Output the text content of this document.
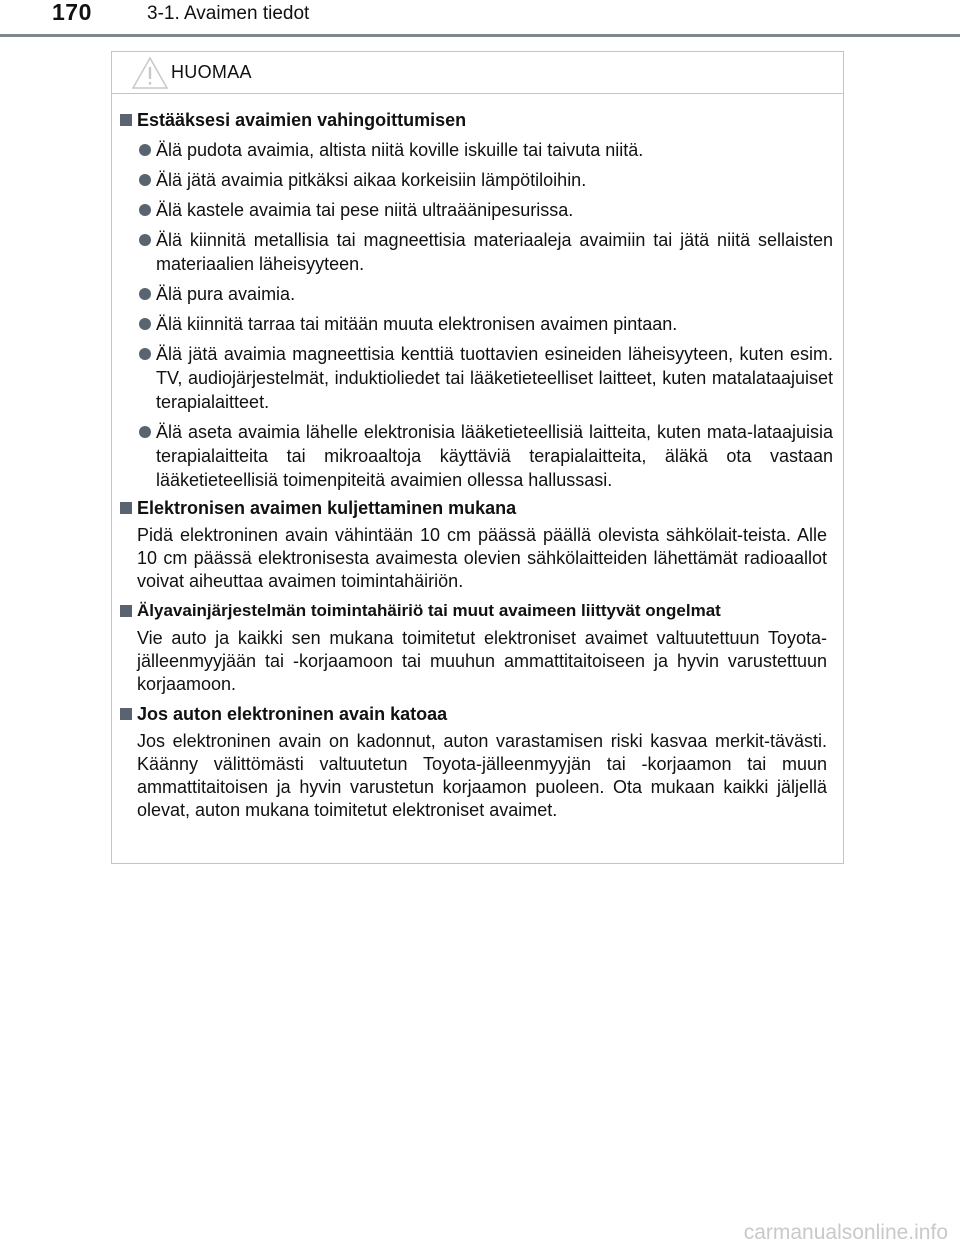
170	3-1. Avaimen tiedot
HUOMAA
Estääksesi avaimien vahingoittumisen
Älä pudota avaimia, altista niitä koville iskuille tai taivuta niitä.
Älä jätä avaimia pitkäksi aikaa korkeisiin lämpötiloihin.
Älä kastele avaimia tai pese niitä ultraäänipesurissa.
Älä kiinnitä metallisia tai magneettisia materiaaleja avaimiin tai jätä niitä sellaisten materiaalien läheisyyteen.
Älä pura avaimia.
Älä kiinnitä tarraa tai mitään muuta elektronisen avaimen pintaan.
Älä jätä avaimia magneettisia kenttiä tuottavien esineiden läheisyyteen, kuten esim. TV, audiojärjestelmät, induktioliedet tai lääketieteelliset laitteet, kuten matalataajuiset terapialaitteet.
Älä aseta avaimia lähelle elektronisia lääketieteellisiä laitteita, kuten mata-lataajuisia terapialaitteita tai mikroaaltoja käyttäviä terapialaitteita, äläkä ota vastaan lääketieteellisiä toimenpiteitä avaimien ollessa hallussasi.
Elektronisen avaimen kuljettaminen mukana
Pidä elektroninen avain vähintään 10 cm päässä päällä olevista sähkölait-teista. Alle 10 cm päässä elektronisesta avaimesta olevien sähkölaitteiden lähettämät radioaallot voivat aiheuttaa avaimen toimintahäiriön.
Älyavainjärjestelmän toimintahäiriö tai muut avaimeen liittyvät ongelmat
Vie auto ja kaikki sen mukana toimitetut elektroniset avaimet valtuutettuun Toyota-jälleenmyyjään tai -korjaamoon tai muuhun ammattitaitoiseen ja hyvin varustettuun korjaamoon.
Jos auton elektroninen avain katoaa
Jos elektroninen avain on kadonnut, auton varastamisen riski kasvaa merkit-tävästi. Käänny välittömästi valtuutetun Toyota-jälleenmyyjän tai -korjaamon tai muun ammattitaitoisen ja hyvin varustetun korjaamon puoleen. Ota mukaan kaikki jäljellä olevat, auton mukana toimitetut elektroniset avaimet.
carmanualsonline.info
